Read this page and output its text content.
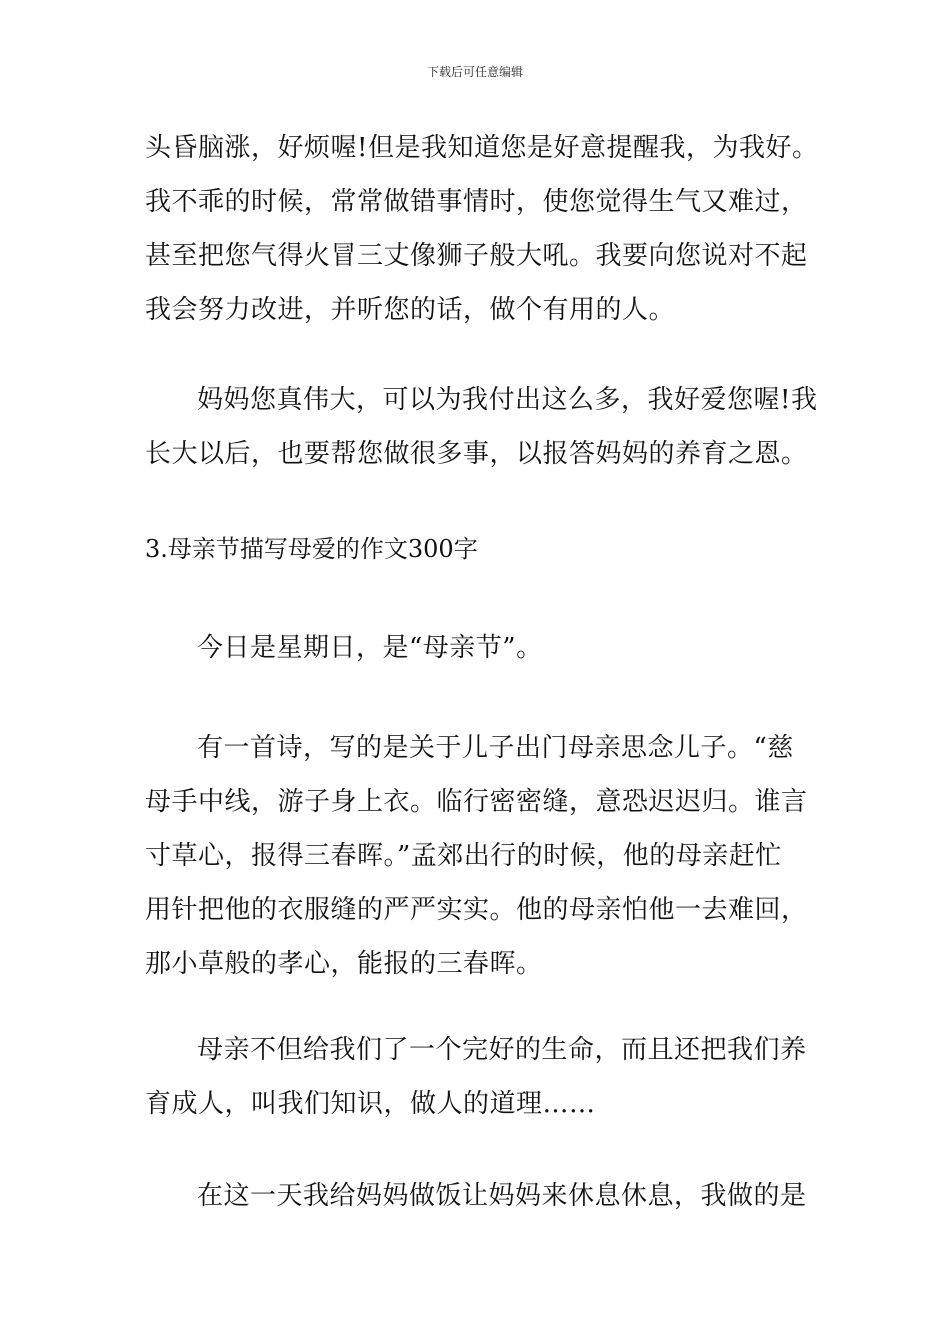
下载后可任意编辑
头昏脑涨，好烦喔!但是我知道您是好意提醒我，为我好。
我不乖的时候，常常做错事情时，使您觉得生气又难过，
甚至把您气得火冒三丈像狮子般大吼。我要向您说对不起
我会努力改进，并听您的话，做个有用的人。
妈妈您真伟大，可以为我付出这么多，我好爱您喔!我
长大以后，也要帮您做很多事，以报答妈妈的养育之恩。
3.母亲节描写母爱的作文300字
今日是星期日，是“母亲节”。
有一首诗，写的是关于儿子出门母亲思念儿子。“慈
母手中线，游子身上衣。临行密密缝，意恐迟迟归。谁言
寸草心，报得三春晖。”孟郊出行的时候，他的母亲赶忙
用针把他的衣服缝的严严实实。他的母亲怕他一去难回，
那小草般的孝心，能报的三春晖。
母亲不但给我们了一个完好的生命，而且还把我们养
育成人，叫我们知识，做人的道理……
在这一天我给妈妈做饭让妈妈来休息休息，我做的是
